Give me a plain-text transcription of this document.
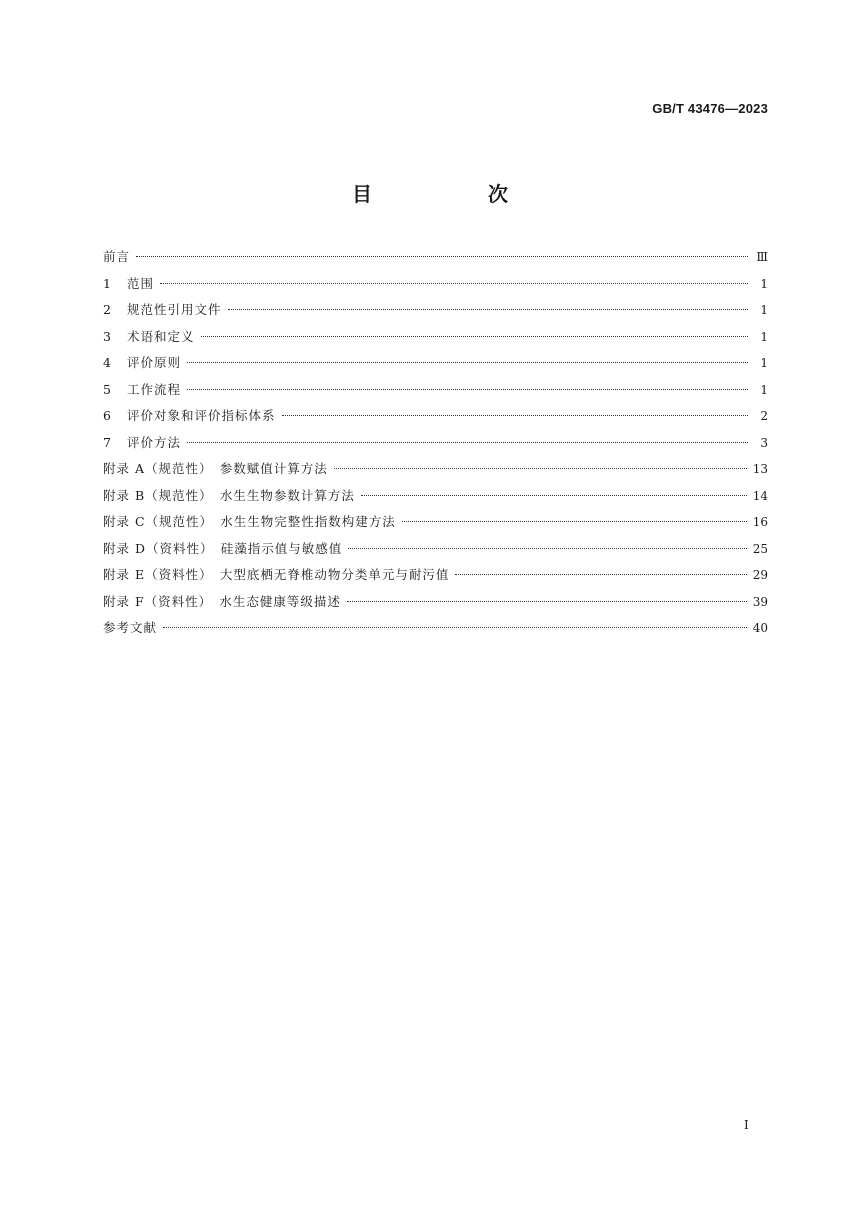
GB/T 43476—2023
目　次
前言	Ⅲ
1	范围	1
2	规范性引用文件	1
3	术语和定义	1
4	评价原则	1
5	工作流程	1
6	评价对象和评价指标体系	2
7	评价方法	3
附录 A（规范性）　参数赋值计算方法	13
附录 B（规范性）　水生生物参数计算方法	14
附录 C（规范性）　水生生物完整性指数构建方法	16
附录 D（资料性）　硅藻指示值与敏感值	25
附录 E（资料性）　大型底栖无脊椎动物分类单元与耐污值	29
附录 F（资料性）　水生态健康等级描述	39
参考文献	40
I
